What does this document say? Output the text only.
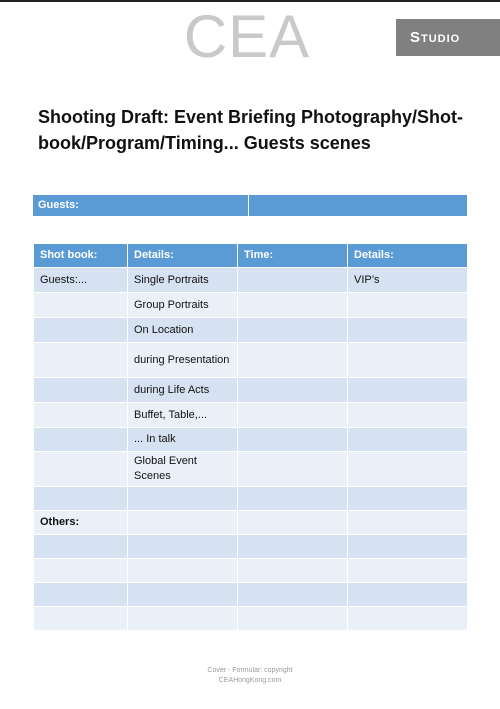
CEA	Studio
Shooting Draft: Event Briefing Photography/Shot-book/Program/Timing... Guests scenes
Guests:
Shot book:	Details:	Time:	Details:
Guests:...	Single Portraits		VIP’s
	Group Portraits		
	On Location		
	during Presentation		
	during Life Acts		
	Buffet, Table,...		
	... In talk		
	Global Event Scenes		

Others:			

Cover - Formular: copyright
CEAHongKong.com
